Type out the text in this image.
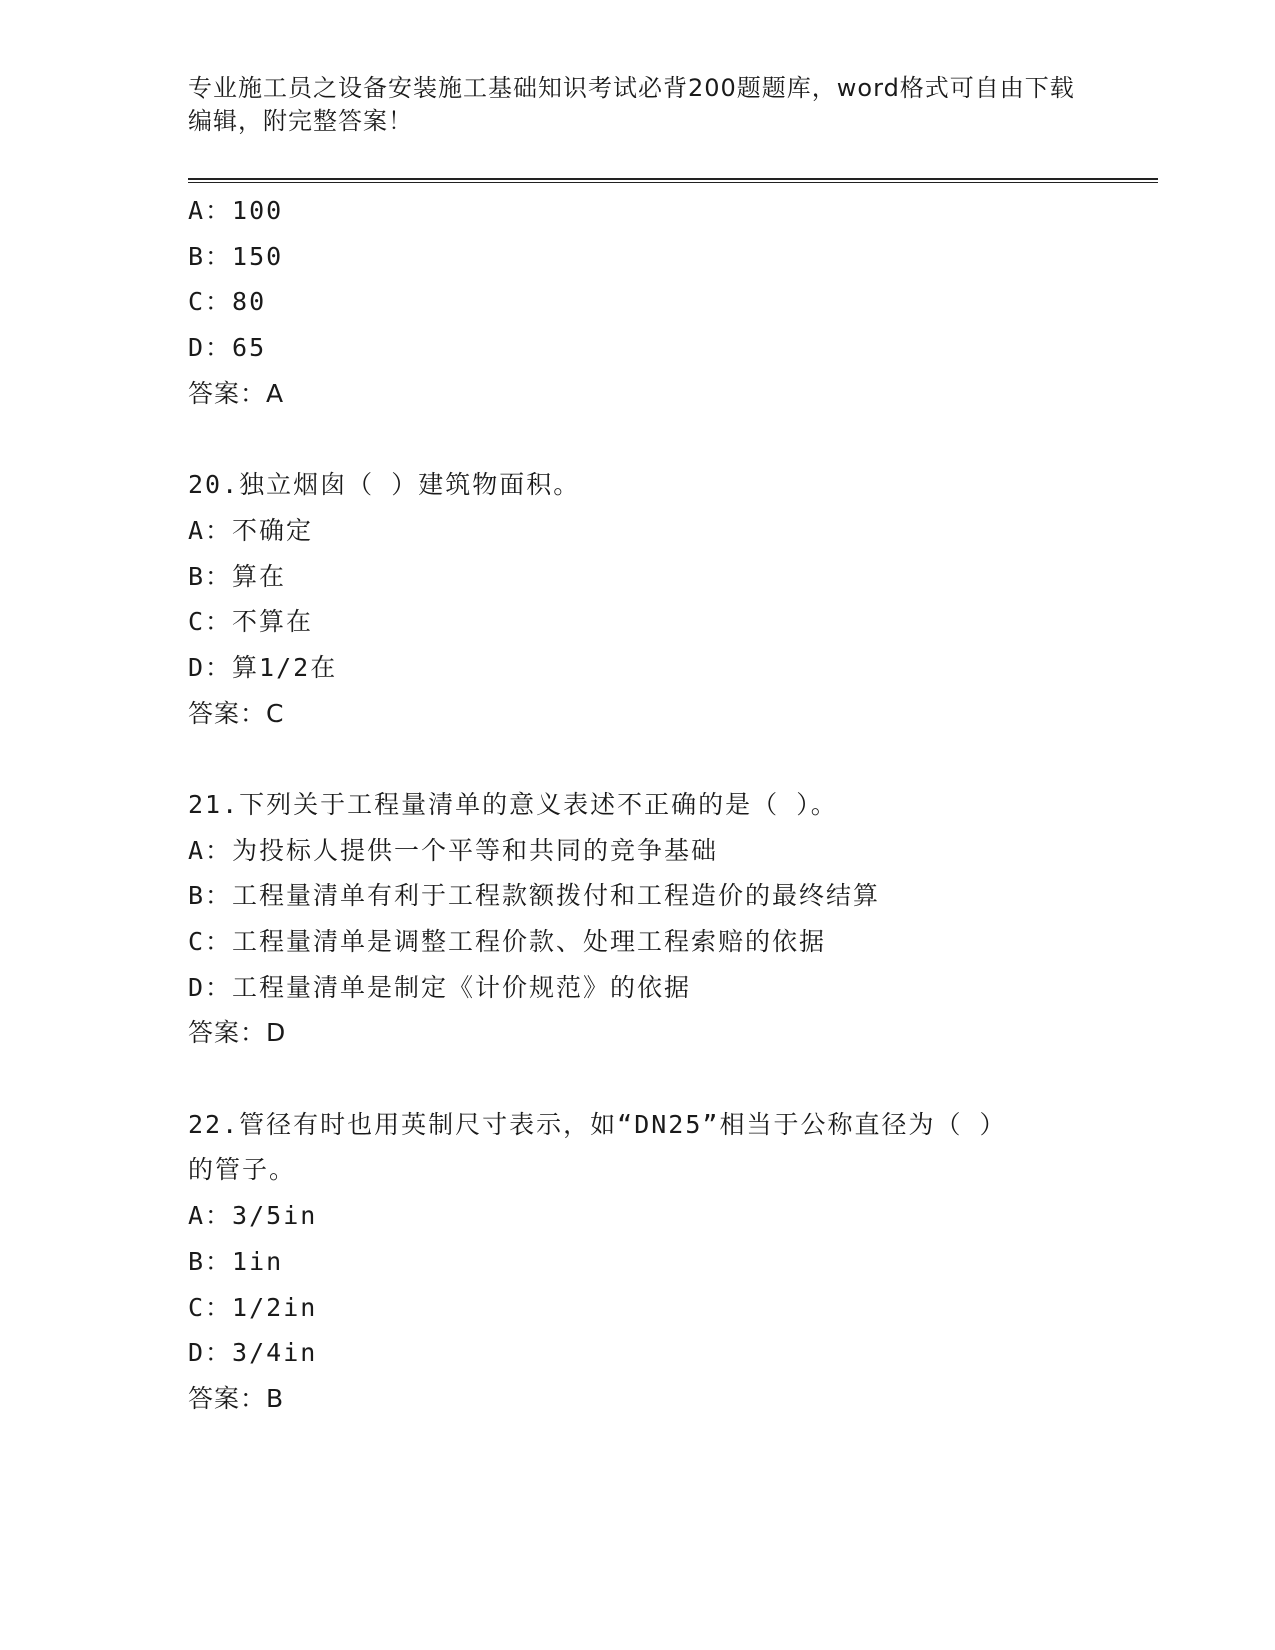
专业施工员之设备安装施工基础知识考试必背200题题库，word格式可自由下载
编辑，附完整答案！
A：100
B：150
C：80
D：65
答案：A
20.独立烟囱（ ）建筑物面积。
A：不确定
B：算在
C：不算在
D：算1/2在
答案：C
21.下列关于工程量清单的意义表述不正确的是（ ）。
A：为投标人提供一个平等和共同的竞争基础
B：工程量清单有利于工程款额拨付和工程造价的最终结算
C：工程量清单是调整工程价款、处理工程索赔的依据
D：工程量清单是制定《计价规范》的依据
答案：D
22.管径有时也用英制尺寸表示，如“DN25”相当于公称直径为（ ）
的管子。
A：3/5in
B：1in
C：1/2in
D：3/4in
答案：B
